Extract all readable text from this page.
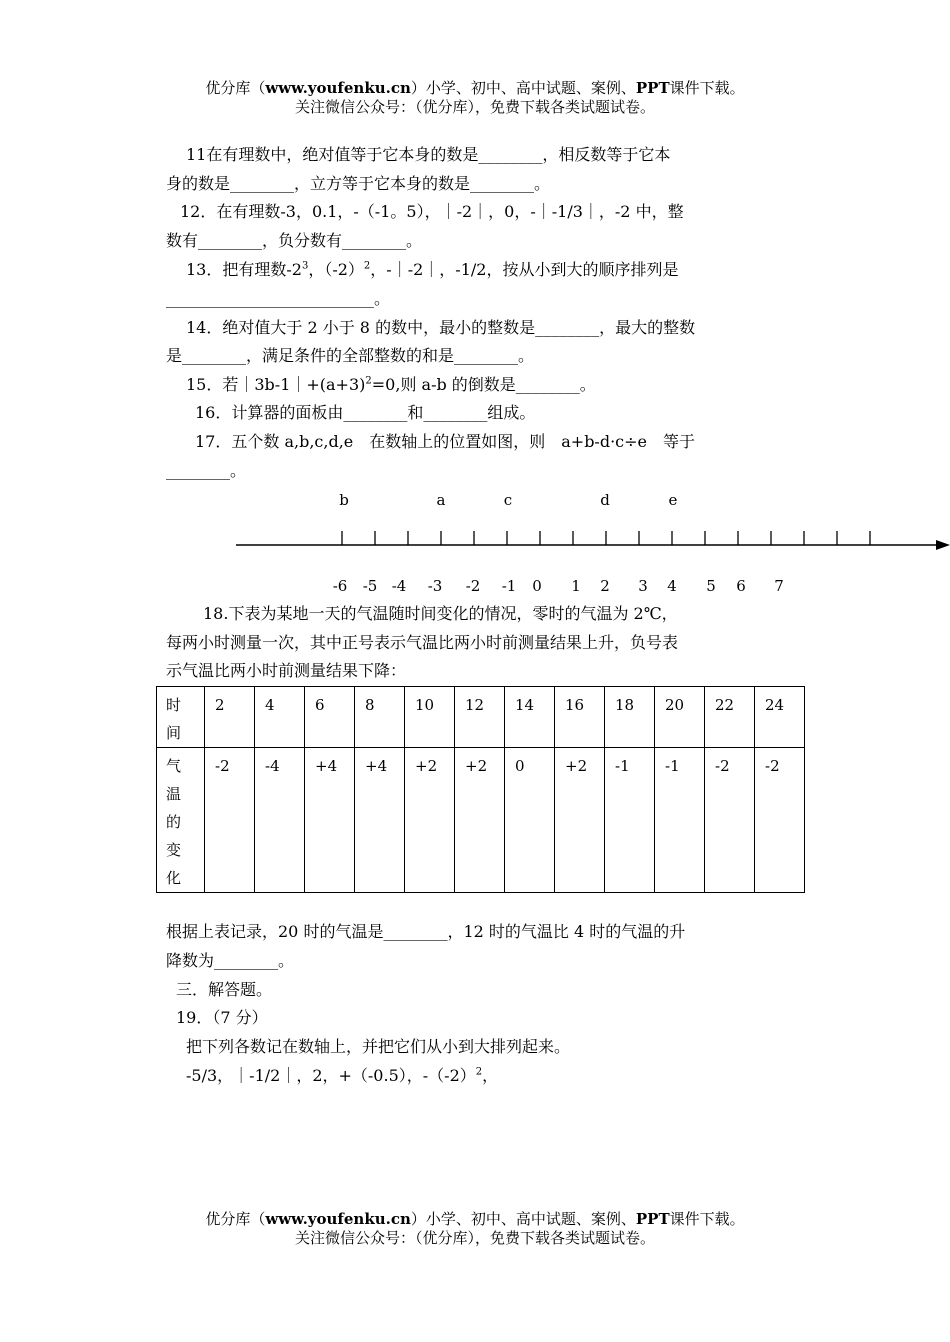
优分库（www.youfenku.cn）小学、初中、高中试题、案例、PPT课件下载。
关注微信公众号：（优分库），免费下载各类试题试卷。
11在有理数中，绝对值等于它本身的数是________，相反数等于它本
身的数是________，立方等于它本身的数是________。
12．在有理数-3，0.1，-（-1。5），｜-2｜，0，-｜-1/3｜，-2 中，整
数有________，负分数有________。
13．把有理数$-2^3$，$(-2)^2$，-｜-2｜，-1/2，按从小到大的顺序排列是
__________________________。
14．绝对值大于 2 小于 8 的数中，最小的整数是________，最大的整数
是________，满足条件的全部整数的和是________。
15．若$|3b-1|+(a+3)^2=0$,则 a-b 的倒数是________。
16．计算器的面板由________和________组成。
17．五个数 a,b,c,d,e　在数轴上的位置如图，则　a+b-d·c÷e　等于
________。
b	a	c	d	e
-6 -5 -4 -3 -2 -1 0 1 2 3 4 5 6 7
18.下表为某地一天的气温随时间变化的情况，零时的气温为 2℃，
每两小时测量一次，其中正号表示气温比两小时前测量结果上升，负号表
示气温比两小时前测量结果下降：
时间	2	4	6	8	10	12	14	16	18	20	22	24

气温的变化	-2	-4	+4	+4	+2	+2	0	+2	-1	-1	-2	-2
根据上表记录，20 时的气温是________，12 时的气温比 4 时的气温的升
降数为________。
三．解答题。
19．（7 分）
把下列各数记在数轴上，并把它们从小到大排列起来。
-5/3，｜-1/2｜，2，+（-0.5），$-(-2)^2$，
优分库（www.youfenku.cn）小学、初中、高中试题、案例、PPT课件下载。
关注微信公众号：（优分库），免费下载各类试题试卷。
